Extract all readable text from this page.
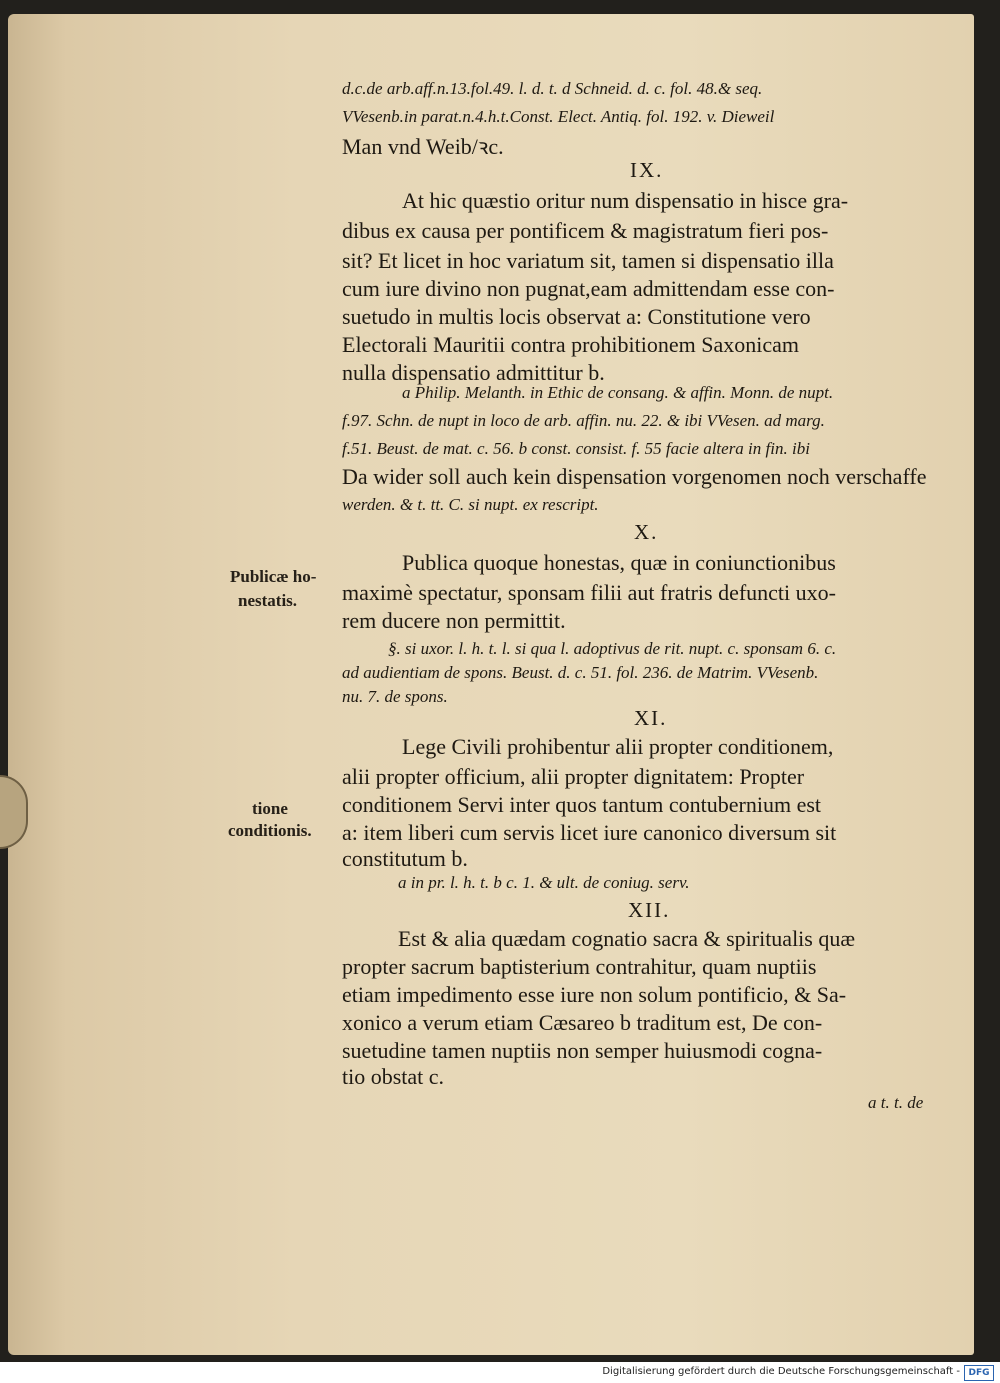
d.c.de arb.aff.n.13.fol.49. l. d. t. d Schneid. d. c. fol. 48.& seq.
VVesenb.in parat.n.4.h.t.Const. Elect. Antiq. fol. 192. v. Dieweil
Man vnd Weib/ꝛc.
IX.
At hic quæstio oritur num dispensatio in hisce gra-
dibus ex causa per pontificem & magistratum fieri pos-
sit? Et licet in hoc variatum sit, tamen si dispensatio illa
cum iure divino non pugnat,eam admittendam esse con-
suetudo in multis locis observat a: Constitutione vero
Electorali Mauritii contra prohibitionem Saxonicam
nulla dispensatio admittitur b.
a Philip. Melanth. in Ethic de consang. & affin. Monn. de nupt.
f.97. Schn. de nupt in loco de arb. affin. nu. 22. & ibi VVesen. ad marg.
f.51. Beust. de mat. c. 56. b const. consist. f. 55 facie altera in fin. ibi
Da wider soll auch kein dispensation vorgenomen noch verschaffe
werden. & t. tt. C. si nupt. ex rescript.
X.
Publica quoque honestas, quæ in coniunctionibus
maximè spectatur, sponsam filii aut fratris defuncti uxo-
rem ducere non permittit.
§. si uxor. l. h. t. l. si qua l. adoptivus de rit. nupt. c. sponsam 6. c.
ad audientiam de spons. Beust. d. c. 51. fol. 236. de Matrim. VVesenb.
nu. 7. de spons.
XI.
Lege Civili prohibentur alii propter conditionem,
alii propter officium, alii propter dignitatem: Propter
conditionem Servi inter quos tantum contubernium est
a: item liberi cum servis licet iure canonico diversum sit
constitutum b.
a in pr. l. h. t. b c. 1. & ult. de coniug. serv.
XII.
Est & alia quædam cognatio sacra & spiritualis quæ
propter sacrum baptisterium contrahitur, quam nuptiis
etiam impedimento esse iure non solum pontificio, & Sa-
xonico a verum etiam Cæsareo b traditum est, De con-
suetudine tamen nuptiis non semper huiusmodi cogna-
tio obstat c.
a t. t. de
Publicæ ho-
nestatis.
tione
conditionis.
Digitalisierung gefördert durch die Deutsche Forschungsgemeinschaft - DFG
